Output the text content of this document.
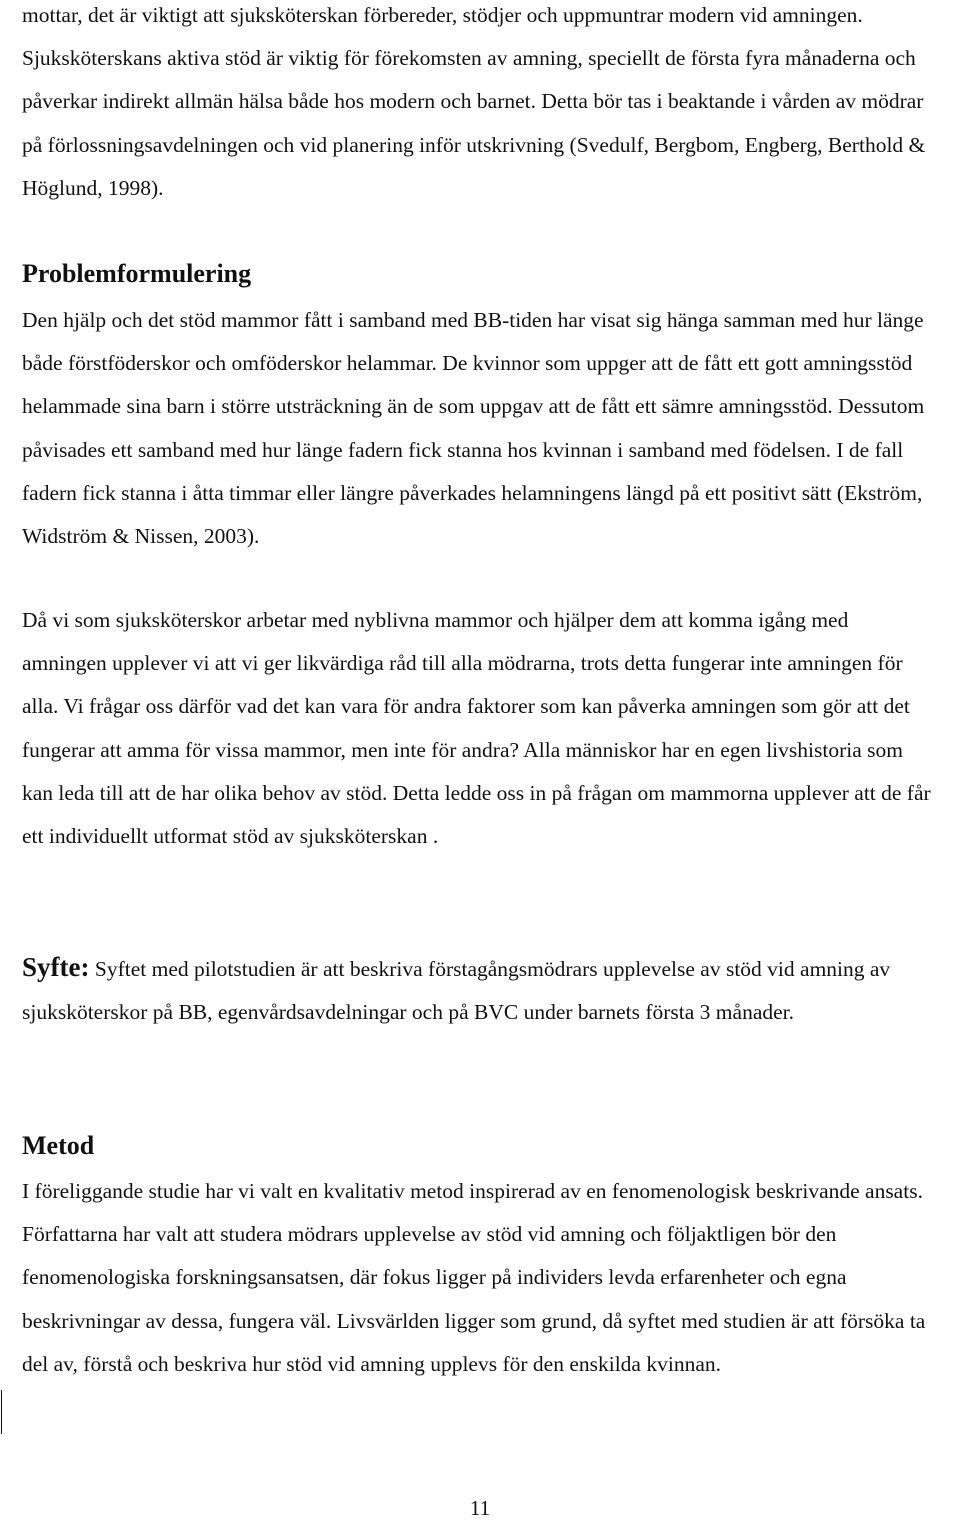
mottar, det är viktigt att sjuksköterskan förbereder, stödjer och uppmuntrar modern vid amningen. Sjuksköterskans aktiva stöd är viktig för förekomsten av amning, speciellt de första fyra månaderna och påverkar indirekt allmän hälsa både hos modern och barnet. Detta bör tas i beaktande i vården av mödrar på förlossningsavdelningen och vid planering inför utskrivning (Svedulf, Bergbom, Engberg, Berthold & Höglund, 1998).

Problemformulering

Den hjälp och det stöd mammor fått i samband med BB-tiden har visat sig hänga samman med hur länge både förstföderskor och omföderskor helammar. De kvinnor som uppger att de fått ett gott amningsstöd helammade sina barn i större utsträckning än de som uppgav att de fått ett sämre amningsstöd. Dessutom påvisades ett samband med hur länge fadern fick stanna hos kvinnan i samband med födelsen. I de fall fadern fick stanna i åtta timmar eller längre påverkades helamningens längd på ett positivt sätt (Ekström, Widström & Nissen, 2003).

Då vi som sjuksköterskor arbetar med nyblivna mammor och hjälper dem att komma igång med amningen upplever vi att vi ger likvärdiga råd till alla mödrarna, trots detta fungerar inte amningen för alla. Vi frågar oss därför vad det kan vara för andra faktorer som kan påverka amningen som gör att det fungerar att amma för vissa mammor, men inte för andra? Alla människor har en egen livshistoria som kan leda till att de har olika behov av stöd. Detta ledde oss in på frågan om mammorna upplever att de får ett individuellt utformat stöd av sjuksköterskan .

Syfte: Syftet med pilotstudien är att beskriva förstagångsmödrars upplevelse av stöd vid amning av sjuksköterskor på BB, egenvårdsavdelningar och på BVC under barnets första 3 månader.

Metod

I föreliggande studie har vi valt en kvalitativ metod inspirerad av en fenomenologisk beskrivande ansats. Författarna har valt att studera mödrars upplevelse av stöd vid amning och följaktligen bör den fenomenologiska forskningsansatsen, där fokus ligger på individers levda erfarenheter och egna beskrivningar av dessa, fungera väl. Livsvärlden ligger som grund, då syftet med studien är att försöka ta del av, förstå och beskriva hur stöd vid amning upplevs för den enskilda kvinnan.

11
